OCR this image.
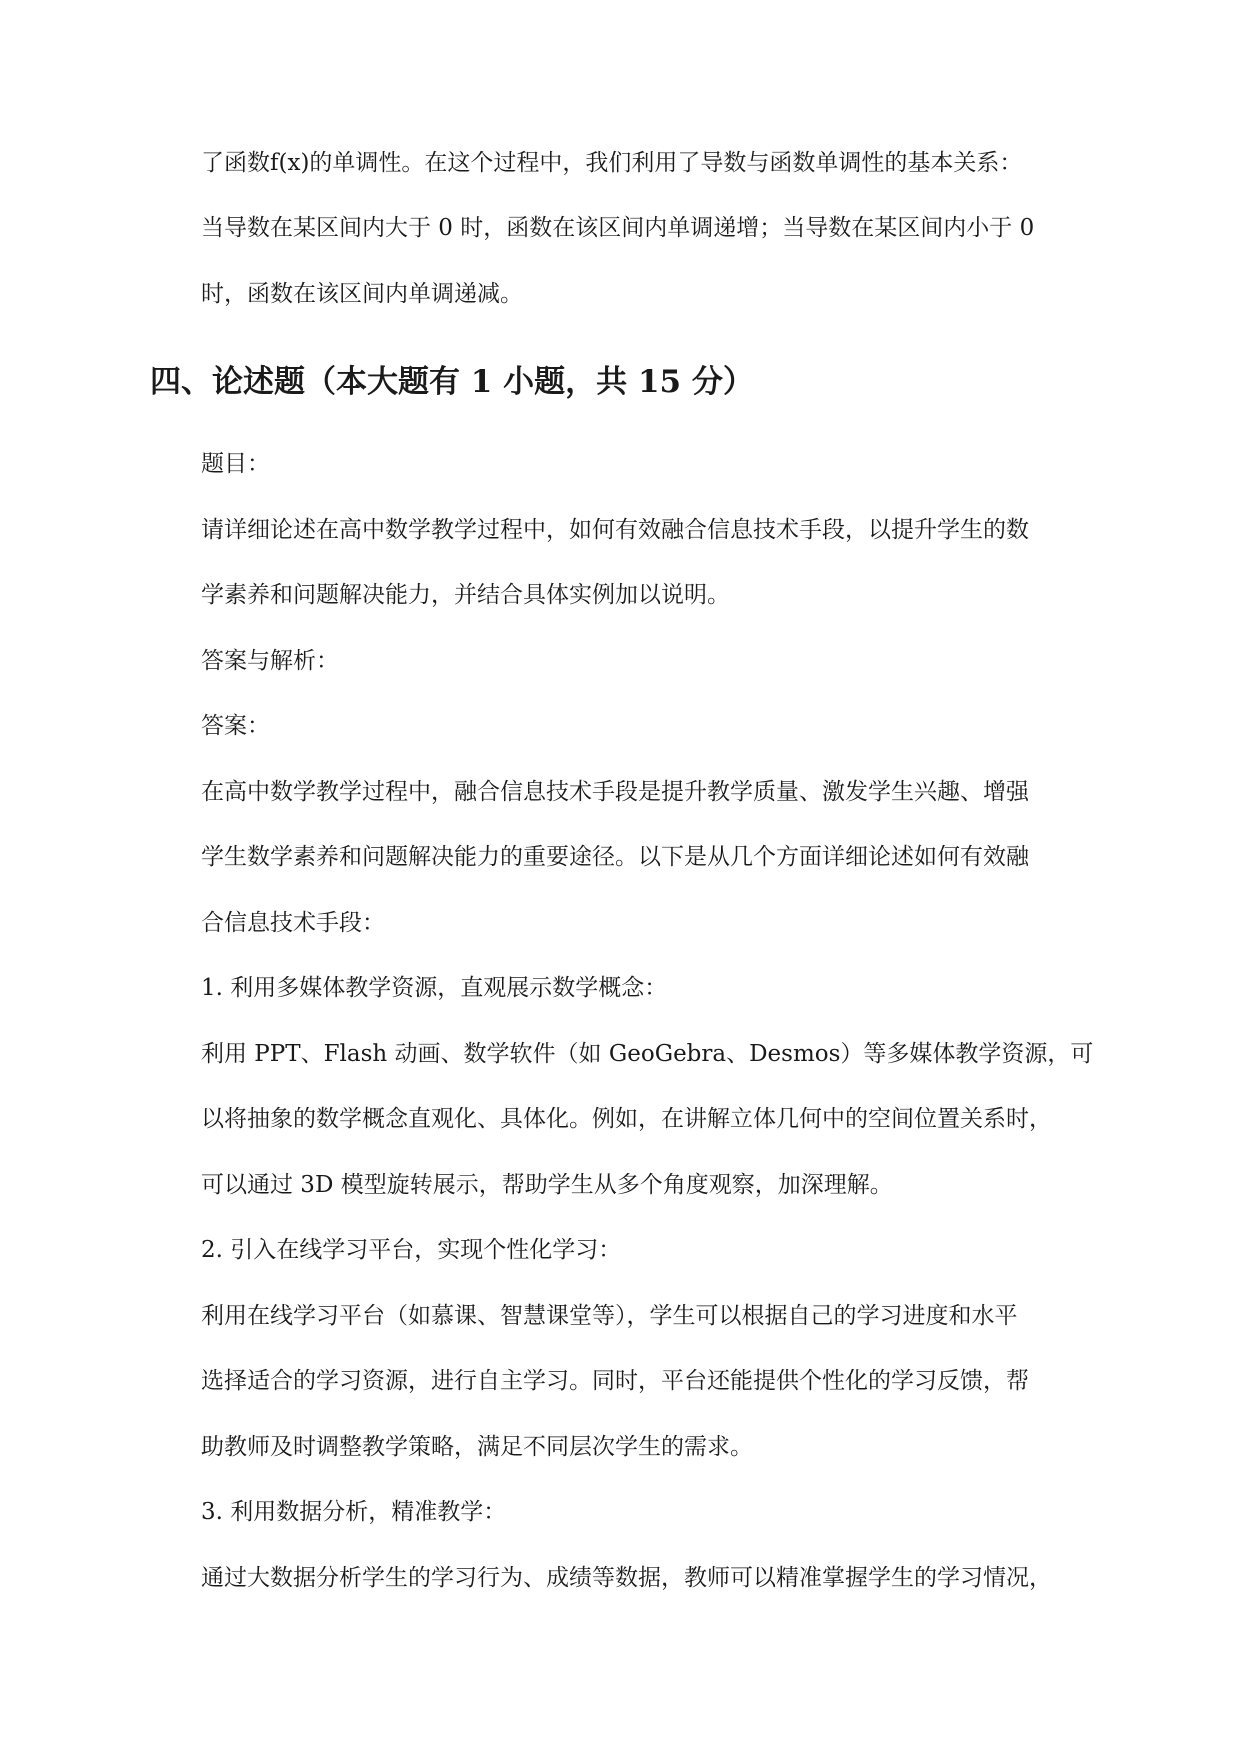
了函数f(x)的单调性。在这个过程中，我们利用了导数与函数单调性的基本关系：
当导数在某区间内大于 0 时，函数在该区间内单调递增；当导数在某区间内小于 0
时，函数在该区间内单调递减。
四、论述题（本大题有 1 小题，共 15 分）
题目：
请详细论述在高中数学教学过程中，如何有效融合信息技术手段，以提升学生的数
学素养和问题解决能力，并结合具体实例加以说明。
答案与解析：
答案：
在高中数学教学过程中，融合信息技术手段是提升教学质量、激发学生兴趣、增强
学生数学素养和问题解决能力的重要途径。以下是从几个方面详细论述如何有效融
合信息技术手段：
1. 利用多媒体教学资源，直观展示数学概念：
利用 PPT、Flash 动画、数学软件（如 GeoGebra、Desmos）等多媒体教学资源，可
以将抽象的数学概念直观化、具体化。例如，在讲解立体几何中的空间位置关系时，
可以通过 3D 模型旋转展示，帮助学生从多个角度观察，加深理解。
2. 引入在线学习平台，实现个性化学习：
利用在线学习平台（如慕课、智慧课堂等），学生可以根据自己的学习进度和水平
选择适合的学习资源，进行自主学习。同时，平台还能提供个性化的学习反馈，帮
助教师及时调整教学策略，满足不同层次学生的需求。
3. 利用数据分析，精准教学：
通过大数据分析学生的学习行为、成绩等数据，教师可以精准掌握学生的学习情况，
